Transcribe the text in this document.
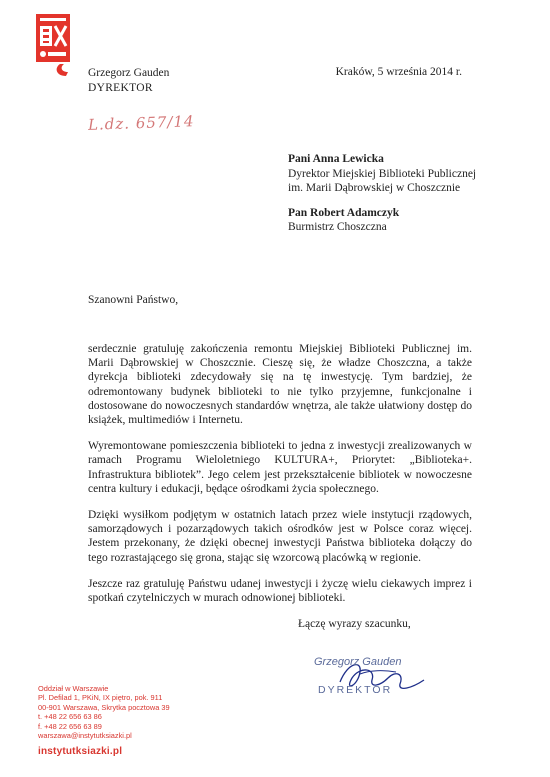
Grzegorz Gauden
DYREKTOR
Kraków, 5 września 2014 r.
L.dz. 657/14
Pani Anna Lewicka
Dyrektor Miejskiej Biblioteki Publicznej
im. Marii Dąbrowskiej w Choszcznie
Pan Robert Adamczyk
Burmistrz Choszczna
Szanowni Państwo,

serdecznie gratuluję zakończenia remontu Miejskiej Biblioteki Publicznej im. Marii Dąbrowskiej w Choszcznie. Cieszę się, że władze Choszczna, a także dyrekcja biblioteki zdecydowały się na tę inwestycję. Tym bardziej, że odremontowany budynek biblioteki to nie tylko przyjemne, funkcjonalne i dostosowane do nowoczesnych standardów wnętrza, ale także ułatwiony dostęp do książek, multimediów i Internetu.

Wyremontowane pomieszczenia biblioteki to jedna z inwestycji zrealizowanych w ramach Programu Wieloletniego KULTURA+, Priorytet: „Biblioteka+. Infrastruktura bibliotek”. Jego celem jest przekształcenie bibliotek w nowoczesne centra kultury i edukacji, będące ośrodkami życia społecznego.

Dzięki wysiłkom podjętym w ostatnich latach przez wiele instytucji rządowych, samorządowych i pozarządowych takich ośrodków jest w Polsce coraz więcej. Jestem przekonany, że dzięki obecnej inwestycji Państwa biblioteka dołączy do tego rozrastającego się grona, stając się wzorcową placówką w regionie.

Jeszcze raz gratuluję Państwu udanej inwestycji i życzę wielu ciekawych imprez i spotkań czytelniczych w murach odnowionej biblioteki.

Łączę wyrazy szacunku,
Grzegorz Gauden
DYREKTOR
Oddział w Warszawie
Pl. Defilad 1, PKiN, IX piętro, pok. 911
00-901 Warszawa, Skrytka pocztowa 39
t. +48 22 656 63 86
f. +48 22 656 63 89
warszawa@instytutksiazki.pl
instytutksiazki.pl
